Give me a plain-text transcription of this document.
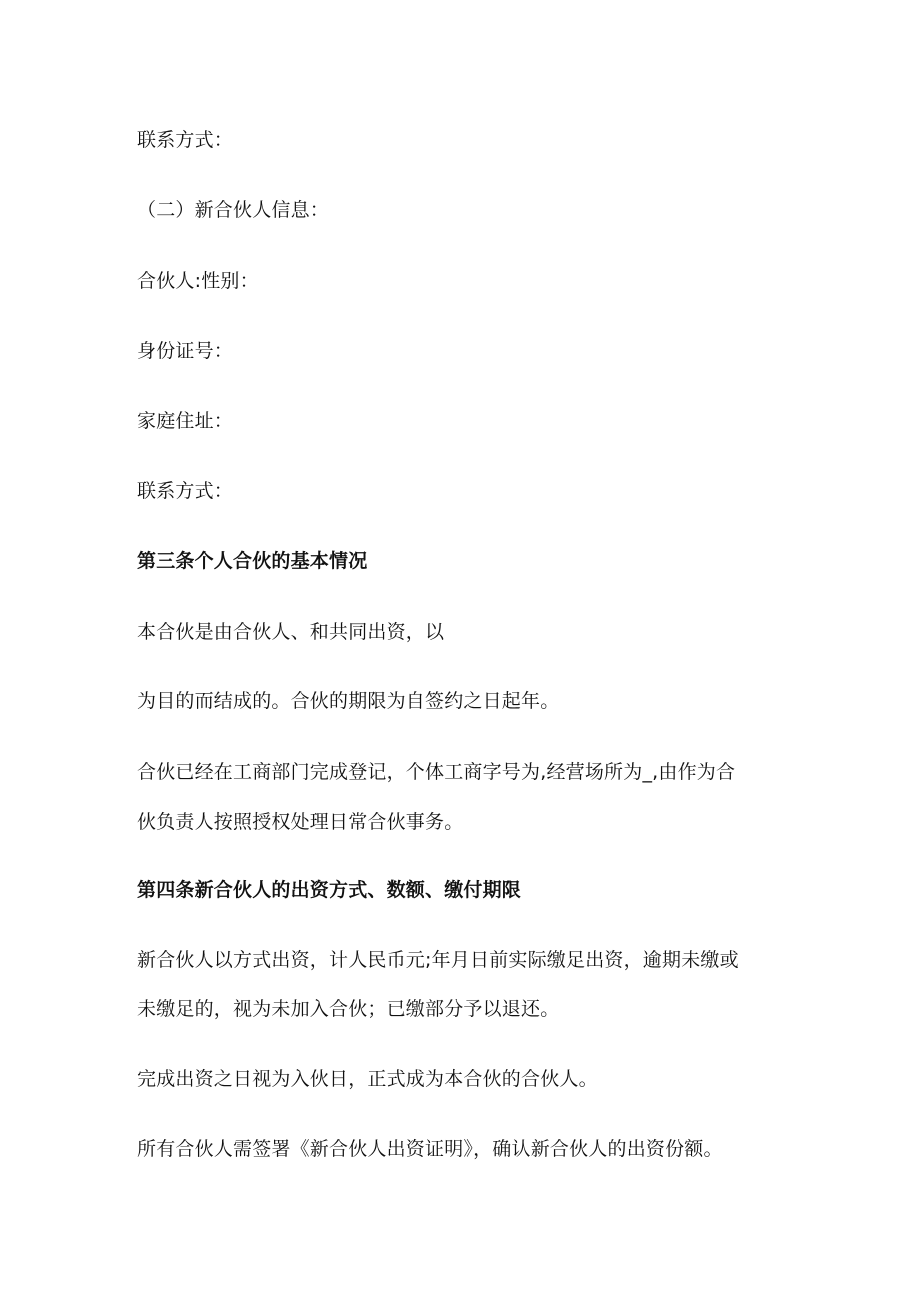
联系方式：
（二）新合伙人信息：
合伙人:性别：
身份证号：
家庭住址：
联系方式：
第三条个人合伙的基本情况
本合伙是由合伙人、和共同出资，以
为目的而结成的。合伙的期限为自签约之日起年。
合伙已经在工商部门完成登记，个体工商字号为,经营场所为_,由作为合
伙负责人按照授权处理日常合伙事务。
第四条新合伙人的出资方式、数额、缴付期限
新合伙人以方式出资，计人民币元;年月日前实际缴足出资，逾期未缴或
未缴足的，视为未加入合伙；已缴部分予以退还。
完成出资之日视为入伙日，正式成为本合伙的合伙人。
所有合伙人需签署《新合伙人出资证明》，确认新合伙人的出资份额。
